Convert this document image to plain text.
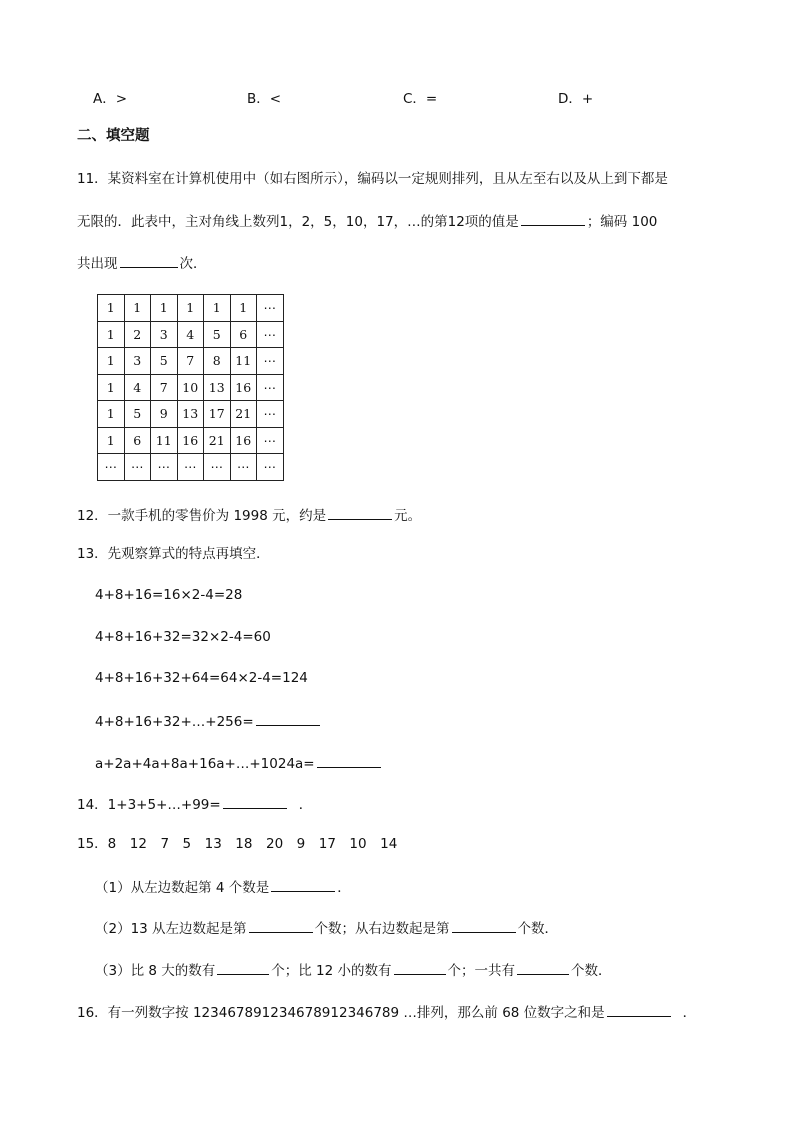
A．>	B．<	C．=	D．+
二、填空题
11．某资料室在计算机使用中（如右图所示），编码以一定规则排列，且从左至右以及从上到下都是
无限的．此表中，主对角线上数列1，2，5，10，17，…的第12项的值是	；编码 100
共出现	次．
1	1	1	1	1	1	⋯
1	2	3	4	5	6	⋯
1	3	5	7	8	11	⋯
1	4	7	10	13	16	⋯
1	5	9	13	17	21	⋯
1	6	11	16	21	16	⋯
⋯	⋯	⋯	⋯	⋯	⋯	⋯
12．一款手机的零售价为 1998 元，约是	元。
13．先观察算式的特点再填空．
4+8+16=16×2-4=28
4+8+16+32=32×2-4=60
4+8+16+32+64=64×2-4=124
4+8+16+32+…+256=
a+2a+4a+8a+16a+…+1024a=
14．1+3+5+…+99=	．
15．8　12　7　5　13　18　20　9　17　10　14
（1）从左边数起第 4 个数是	．
（2）13 从左边数起是第	个数；从右边数起是第	个数．
（3）比 8 大的数有	个；比 12 小的数有	个；一共有	个数．
16．有一列数字按 12346789123467891234678​9 …排列，那么前 68 位数字之和是	．
